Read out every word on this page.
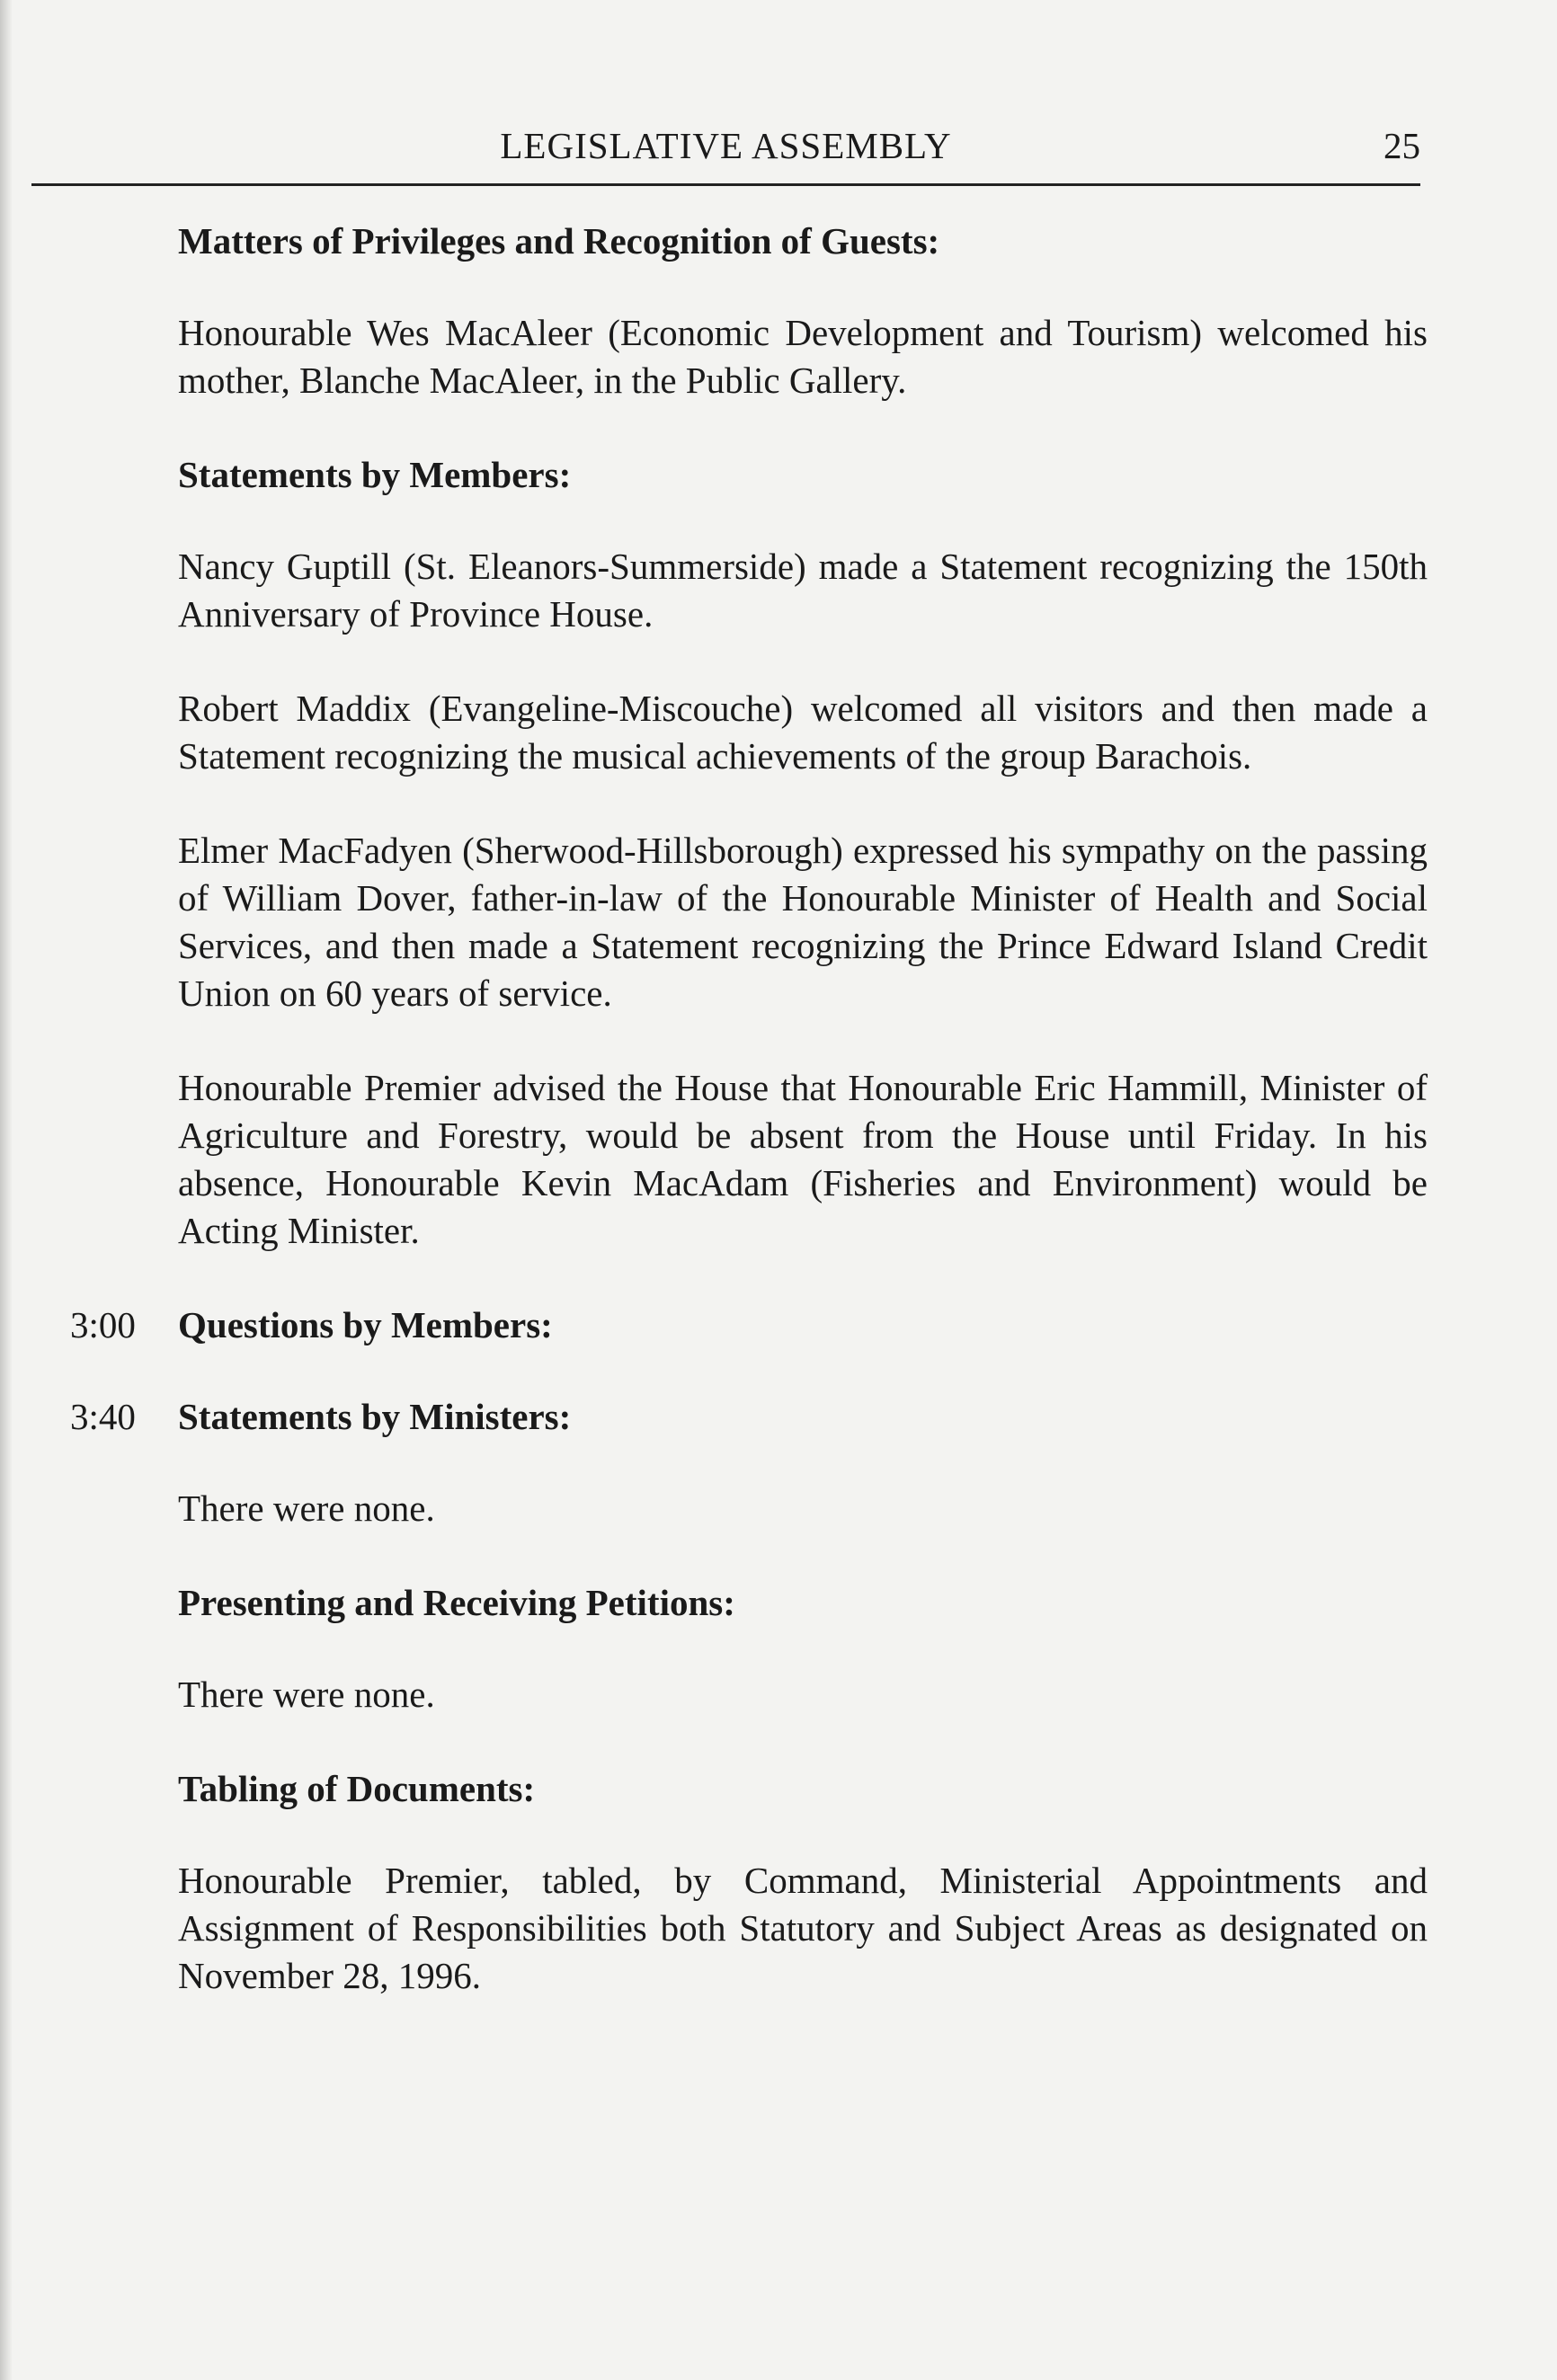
LEGISLATIVE ASSEMBLY	25
Matters of Privileges and Recognition of Guests:

Honourable Wes MacAleer (Economic Development and Tourism) welcomed his mother, Blanche MacAleer, in the Public Gallery.

Statements by Members:

Nancy Guptill (St. Eleanors-Summerside) made a Statement recognizing the 150th Anniversary of Province House.

Robert Maddix (Evangeline-Miscouche) welcomed all visitors and then made a Statement recognizing the musical achievements of the group Barachois.

Elmer MacFadyen (Sherwood-Hillsborough) expressed his sympathy on the passing of William Dover, father-in-law of the Honourable Minister of Health and Social Services, and then made a Statement recognizing the Prince Edward Island Credit Union on 60 years of service.

Honourable Premier advised the House that Honourable Eric Hammill, Minister of Agriculture and Forestry, would be absent from the House until Friday. In his absence, Honourable Kevin MacAdam (Fisheries and Environment) would be Acting Minister.

3:00	Questions by Members:
3:40	Statements by Ministers:

There were none.

Presenting and Receiving Petitions:

There were none.

Tabling of Documents:

Honourable Premier, tabled, by Command, Ministerial Appointments and Assignment of Responsibilities both Statutory and Subject Areas as designated on November 28, 1996.
